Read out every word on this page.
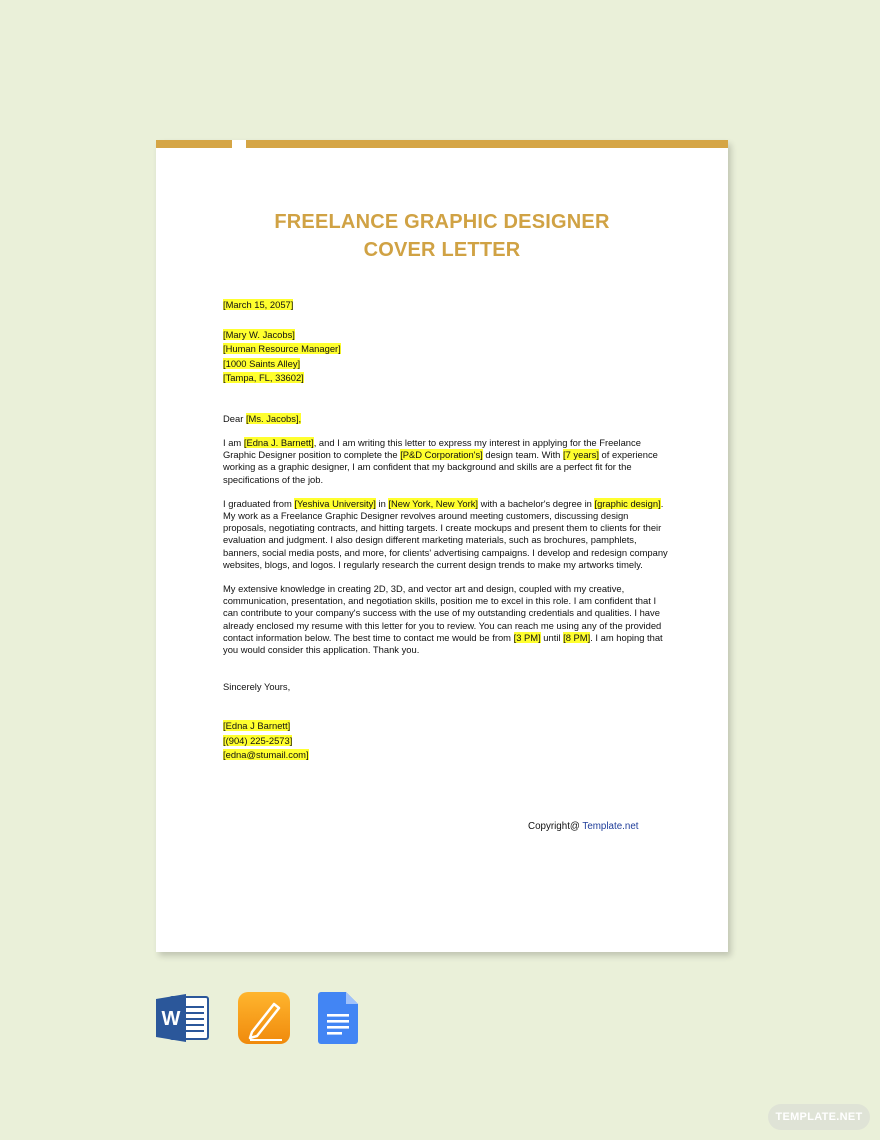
FREELANCE GRAPHIC DESIGNER
COVER LETTER
[March 15, 2057]
[Mary W. Jacobs]
[Human Resource Manager]
[1000 Saints Alley]
[Tampa, FL, 33602]
Dear [Ms. Jacobs],

I am [Edna J. Barnett], and I am writing this letter to express my interest in applying for the Freelance Graphic Designer position to complete the [P&D Corporation's] design team. With [7 years] of experience working as a graphic designer, I am confident that my background and skills are a perfect fit for the specifications of the job.

I graduated from [Yeshiva University] in [New York, New York] with a bachelor's degree in [graphic design]. My work as a Freelance Graphic Designer revolves around meeting customers, discussing design proposals, negotiating contracts, and hitting targets. I create mockups and present them to clients for their evaluation and judgment. I also design different marketing materials, such as brochures, pamphlets, banners, social media posts, and more, for clients' advertising campaigns. I develop and redesign company websites, blogs, and logos. I regularly research the current design trends to make my artworks timely.

My extensive knowledge in creating 2D, 3D, and vector art and design, coupled with my creative, communication, presentation, and negotiation skills, position me to excel in this role. I am confident that I can contribute to your company's success with the use of my outstanding credentials and qualities. I have already enclosed my resume with this letter for you to review. You can reach me using any of the provided contact information below. The best time to contact me would be from [3 PM] until [8 PM]. I am hoping that you would consider this application. Thank you.

Sincerely Yours,
[Edna J Barnett]
[(904) 225-2573]
[edna@stumail.com]
Copyright@ Template.net
W
TEMPLATE.NET
